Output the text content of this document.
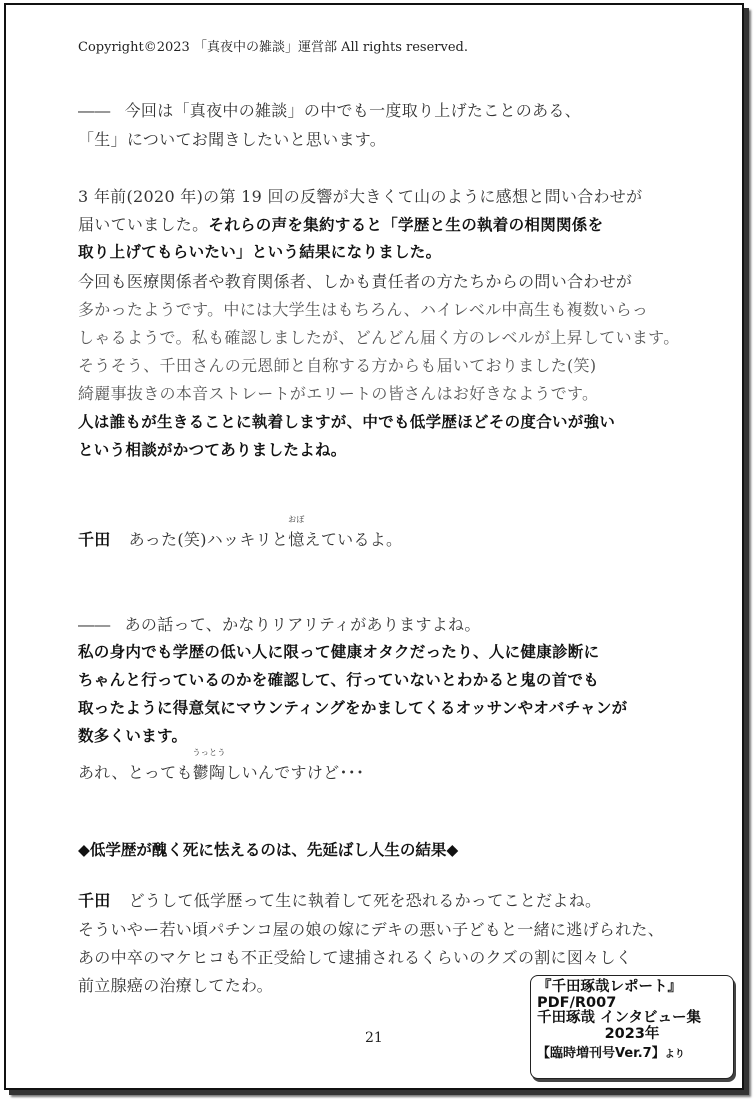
Copyright©2023 「真夜中の雑談」運営部 All rights reserved.
―― 今回は「真夜中の雑談」の中でも一度取り上げたことのある、
「生」についてお聞きしたいと思います。
3 年前(2020 年)の第 19 回の反響が大きくて山のように感想と問い合わせが
届いていました。それらの声を集約すると「学歴と生の執着の相関関係を
取り上げてもらいたい」という結果になりました。
今回も医療関係者や教育関係者、しかも責任者の方たちからの問い合わせが
多かったようです。中には大学生はもちろん、ハイレベル中高生も複数いらっ
しゃるようで。私も確認しましたが、どんどん届く方のレベルが上昇しています。
そうそう、千田さんの元恩師と自称する方からも届いておりました(笑)
綺麗事抜きの本音ストレートがエリートの皆さんはお好きなようです。
人は誰もが生きることに執着しますが、中でも低学歴ほどその度合いが強い
という相談がかつてありましたよね。
千田 あった(笑)ハッキリと
おぼ
憶えているよ。
―― あの話って、かなりリアリティがありますよね。
私の身内でも学歴の低い人に限って健康オタクだったり、人に健康診断に
ちゃんと行っているのかを確認して、行っていないとわかると鬼の首でも
取ったように得意気にマウンティングをかましてくるオッサンやオバチャンが
数多くいます。
あれ、とっても
うっとう
鬱陶しいんですけど･･･
◆低学歴が醜く死に怯えるのは、先延ばし人生の結果◆
千田 どうして低学歴って生に執着して死を恐れるかってことだよね。
そういやー若い頃パチンコ屋の娘の嫁にデキの悪い子どもと一緒に逃げられた、
あの中卒のマケヒコも不正受給して逮捕されるくらいのクズの割に図々しく
前立腺癌の治療してたわ。
21
『千田琢哉レポート』
PDF/R007
千田琢哉 インタビュー集
2023年
【臨時増刊号Ver.7】より
